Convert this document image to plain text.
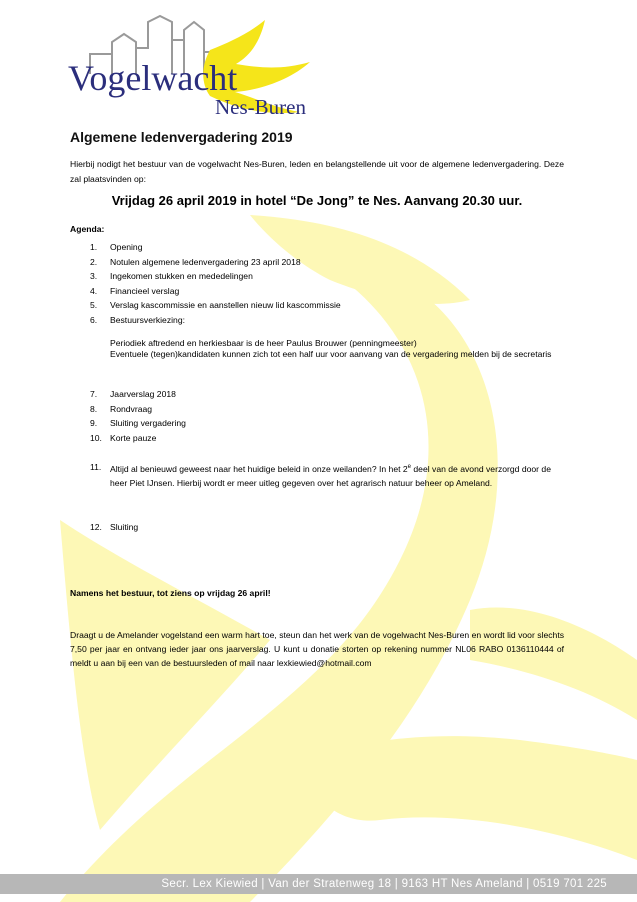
Vogelwacht
Nes-Buren
Algemene ledenvergadering 2019
Hierbij nodigt het bestuur van de vogelwacht Nes-Buren, leden en belangstellende uit voor de algemene ledenvergadering. Deze zal plaatsvinden op:
Vrijdag 26 april 2019 in hotel “De Jong” te Nes. Aanvang 20.30 uur.
Agenda:
1.	Opening
2.	Notulen algemene ledenvergadering 23 april 2018
3.	Ingekomen stukken en mededelingen
4.	Financieel verslag
5.	Verslag kascommissie en aanstellen nieuw lid kascommissie
6.	Bestuursverkiezing:
Periodiek aftredend en herkiesbaar is de heer Paulus Brouwer (penningmeester)
Eventuele (tegen)kandidaten kunnen zich tot een half uur voor aanvang van de vergadering melden bij de secretaris
7.	Jaarverslag 2018
8.	Rondvraag
9.	Sluiting vergadering
10. Korte pauze
11.	Altijd al benieuwd geweest naar het huidige beleid in onze weilanden? In het 2e deel van de avond verzorgd door de heer Piet IJnsen. Hierbij wordt er meer uitleg gegeven over het agrarisch natuur beheer op Ameland.
12. Sluiting
Namens het bestuur, tot ziens op vrijdag 26 april!
Draagt u de Amelander vogelstand een warm hart toe, steun dan het werk van de vogelwacht Nes-Buren en wordt lid voor slechts 7,50 per jaar en ontvang ieder jaar ons jaarverslag. U kunt u donatie storten op rekening nummer NL06 RABO 0136110444 of meldt u aan bij een van de bestuursleden of mail naar lexkiewied@hotmail.com
Secr. Lex Kiewied | Van der Stratenweg 18 | 9163 HT Nes Ameland | 0519 701 225
